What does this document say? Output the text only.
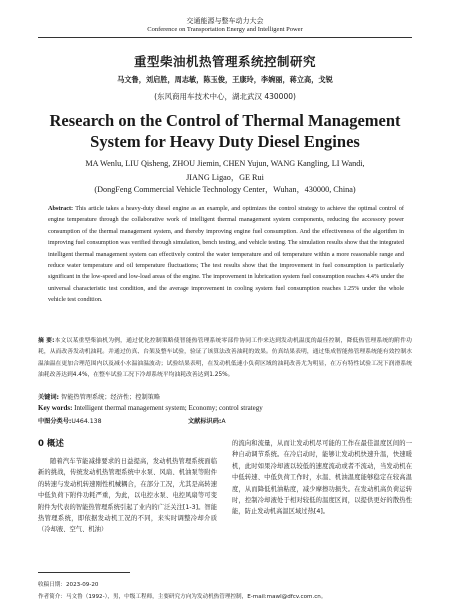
交通能源与整车动力大会
Conference on Transportation Energy and Intelligent Power
重型柴油机热管理系统控制研究
马文鲁，刘启胜，周志敏，陈玉俊，王康玲，李婉丽，蒋立高，戈锐
(东风商用车技术中心，湖北武汉 430000)
Research on the Control of Thermal Management
System for Heavy Duty Diesel Engines
MA Wenlu, LIU Qisheng, ZHOU Jiemin, CHEN Yujun, WANG Kangling, LI Wandi,
JIANG Ligao，GE Rui
(DongFeng Commercial Vehicle Technology Center，Wuhan，430000, China)
Abstract: This article takes a heavy-duty diesel engine as an example, and optimizes the control strategy to achieve the optimal control of engine temperature through the collaborative work of intelligent thermal management system components, reducing the accessory power consumption of the thermal management system, and thereby improving engine fuel consumption. And the effectiveness of the algorithm in improving fuel consumption was verified through simulation, bench testing, and vehicle testing. The simulation results show that the integrated intelligent thermal management system can effectively control the water temperature and oil temperature within a more reasonable range and reduce water temperature and oil temperature fluctuations; The test results show that the improvement in fuel consumption is particularly significant in the low-speed and low-load areas of the engine. The improvement in lubrication system fuel consumption reaches 4.4% under the universal characteristic test condition, and the average improvement in cooling system fuel consumption reaches 1.25% under the whole vehicle test condition.
摘 要:本文以某重型柴油机为例，通过优化控制策略使智能热管理系统零部件协同工作来达到发动机温度的最佳控制，降低热管理系统的附件功耗，从而改善发动机油耗。并通过仿真、台架及整车试验，验证了该算法改善油耗的效果。仿真结果表明，通过集成智能热管理系统能有效控制水温油温在更加合理范围内以及减小水温油温波动；试验结果表明，在发动机低速小负荷区域的油耗改善尤为明显，在万有特性试验工况下润滑系统油耗改善达到4.4%，在整车试验工况下冷却系统平均油耗改善达到1.25%。
关键词: 智能热管理系统；经济性；控制策略
Key words: Intelligent thermal management system; Economy; control strategy
中图分类号:U464.138	文献标识码:A
0 概述
随着汽车节能减排要求的日益提高，发动机热管理系统面临新的挑战，传统发动机热管理系统中水泵、风扇、机油泵等附件的转速与发动机转速刚性机械耦合，在部分工况，尤其是高转速中低负荷下附件功耗严重，为此，以电控水泵、电控风扇等可变附件为代表的智能热管理系统引起了业内的广泛关注[1-3]。智能热管理系统，即依据发动机工况的不同，来实时调整冷却介质（冷却液、空气、机油）
的流向和流量，从而让发动机尽可能的工作在最佳温度区间的一种自动调节系统。在冷启动时，能够让发动机快速升温，快速暖机，此时如果冷却液以较低的速度流动或者不流动，当发动机在中低转速、中低负荷工作时，水温、机油温度能够稳定在较高温度，从而降低机油粘度，减少摩擦功损失。在发动机高负荷运转时，控制冷却液处于相对较低的温度区间，以提供更好的散热性能，防止发动机高温区域过热[4]。
收稿日期：2023-09-20
作者简介：马文鲁（1992-），男，中级工程师，主要研究方向为发动机热管理控制，E-mail:mawl@dfcv.com.cn。
